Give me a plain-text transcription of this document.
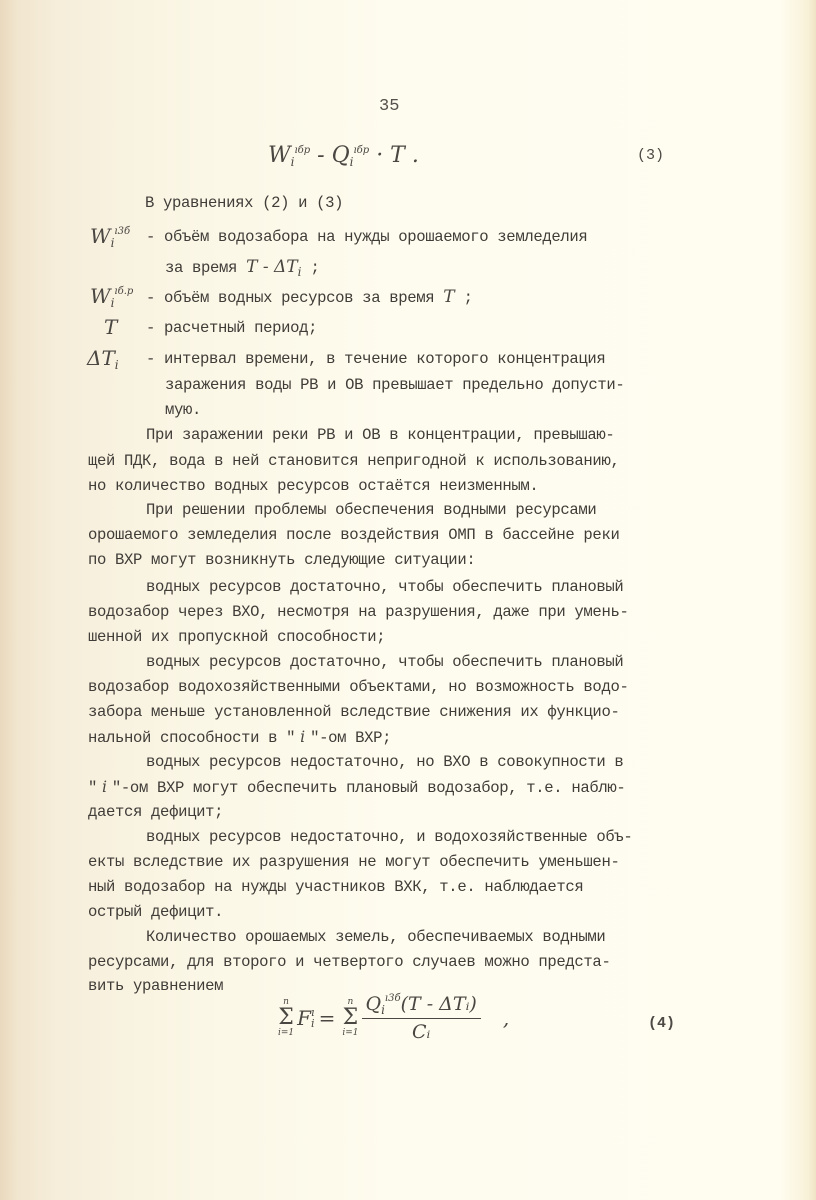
35
$W_i^{ıбр} - Q_i^{ıбр} \cdot T$ .	(3)
В уравнениях (2) и (3)
$W_i^{ı3б}$ - объём водозабора на нужды орошаемого земледелия
за время T - $\Delta T_i$ ;
$W_i^{ıб.р}$ - объём водных ресурсов за время T ;
T - расчетный период;
$\Delta T_i$ - интервал времени, в течение которого концентрация
заражения воды РВ и ОВ превышает предельно допусти-
мую.
При заражении реки РВ и ОВ в концентрации, превышаю-
щей ПДК, вода в ней становится непригодной к использованию,
но количество водных ресурсов остаётся неизменным.
При решении проблемы обеспечения водными ресурсами
орошаемого земледелия после воздействия ОМП в бассейне реки
по ВХР могут возникнуть следующие ситуации:
водных ресурсов достаточно, чтобы обеспечить плановый
водозабор через ВХО, несмотря на разрушения, даже при умень-
шенной их пропускной способности;
водных ресурсов достаточно, чтобы обеспечить плановый
водозабор водохозяйственными объектами, но возможность водо-
забора меньше установленной вследствие снижения их функцио-
нальной способности в " i "-ом ВХР;
водных ресурсов недостаточно, но ВХО в совокупности в
" i "-ом ВХР могут обеспечить плановый водозабор, т.е. наблю-
дается дефицит;
водных ресурсов недостаточно, и водохозяйственные объ-
екты вследствие их разрушения не могут обеспечить уменьшен-
ный водозабор на нужды участников ВХК, т.е. наблюдается
острый дефицит.
Количество орошаемых земель, обеспечиваемых водными
ресурсами, для второго и четвертого случаев можно предста-
вить уравнением
n
Σ
i=1
F ı
i =
n
Σ
$i=1 \frac{Q_i^{ı3б}(T - \Delta Tᵢ)}{\text{Cᵢ}}$ ,	(4)
